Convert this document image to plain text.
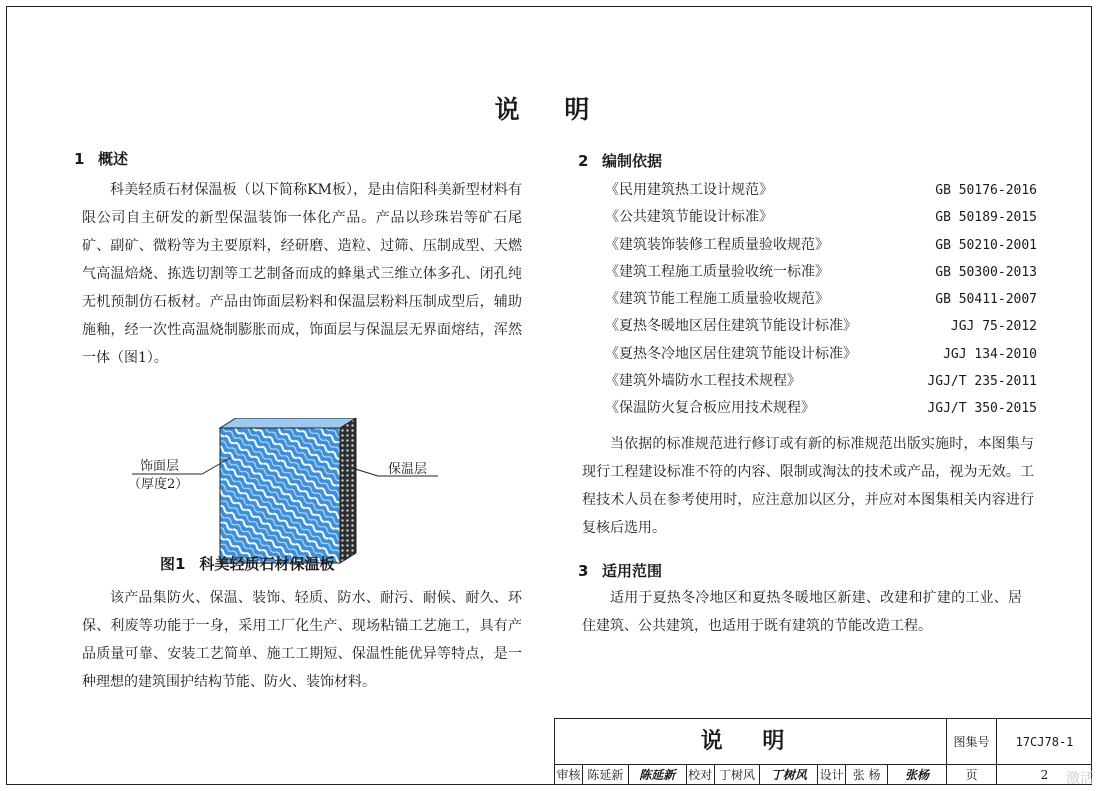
说 明
1 概述

科美轻质石材保温板（以下简称KM板），是由信阳科美新型材料有限公司自主研发的新型保温装饰一体化产品。产品以珍珠岩等矿石尾矿、副矿、微粉等为主要原料，经研磨、造粒、过筛、压制成型、天燃气高温焙烧、拣选切割等工艺制备而成的蜂巢式三维立体多孔、闭孔纯无机预制仿石板材。产品由饰面层粉料和保温层粉料压制成型后，辅助施釉，经一次性高温烧制膨胀而成，饰面层与保温层无界面熔结，浑然一体（图1）。

饰面层
（厚度2）
保温层
图1 科美轻质石材保温板

该产品集防火、保温、装饰、轻质、防水、耐污、耐候、耐久、环保、利废等功能于一身，采用工厂化生产、现场粘锚工艺施工，具有产品质量可靠、安装工艺简单、施工工期短、保温性能优异等特点，是一种理想的建筑围护结构节能、防火、装饰材料。

2 编制依据
《民用建筑热工设计规范》	GB 50176-2016
《公共建筑节能设计标准》	GB 50189-2015
《建筑装饰装修工程质量验收规范》	GB 50210-2001
《建筑工程施工质量验收统一标准》	GB 50300-2013
《建筑节能工程施工质量验收规范》	GB 50411-2007
《夏热冬暖地区居住建筑节能设计标准》	JGJ 75-2012
《夏热冬冷地区居住建筑节能设计标准》	JGJ 134-2010
《建筑外墙防水工程技术规程》	JGJ/T 235-2011
《保温防火复合板应用技术规程》	JGJ/T 350-2015

当依据的标准规范进行修订或有新的标准规范出版实施时，本图集与现行工程建设标准不符的内容、限制或淘汰的技术或产品，视为无效。工程技术人员在参考使用时，应注意加以区分，并应对本图集相关内容进行复核后选用。

3 适用范围

适用于夏热冬冷地区和夏热冬暖地区新建、改建和扩建的工业、居住建筑、公共建筑，也适用于既有建筑的节能改造工程。

说 明	图集号	17CJ78-1
页	2
审核 陈延新	陈延新	校对 丁树风	丁树风	设计 张 杨	张杨	激活
